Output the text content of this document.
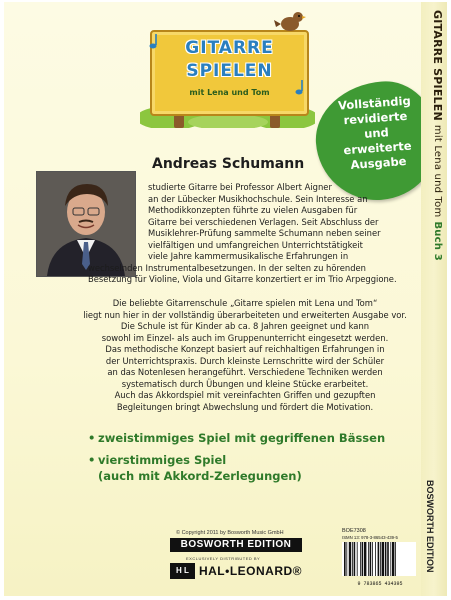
GITARRE
SPIELEN
mit Lena und Tom
Vollständig
revidierte
und
erweiterte
Ausgabe
Andreas Schumann

studierte Gitarre bei Professor Albert Aigner

an der Lübecker Musikhochschule. Sein Interesse an

Methodikkonzepten führte zu vielen Ausgaben für

Gitarre bei verschiedenen Verlagen. Seit Abschluss der

Musiklehrer-Prüfung sammelte Schumann neben seiner

vielfältigen und umfangreichen Unterrichtstätigkeit

viele Jahre kammermusikalische Erfahrungen in

wechselnden Instrumentalbesetzungen. In der selten zu hörenden

Besetzung für Violine, Viola und Gitarre konzertiert er im Trio Arpeggione.

Die beliebte Gitarrenschule „Gitarre spielen mit Lena und Tom“

liegt nun hier in der vollständig überarbeiteten und erweiterten Ausgabe vor.

Die Schule ist für Kinder ab ca. 8 Jahren geeignet und kann

sowohl im Einzel- als auch im Gruppenunterricht eingesetzt werden.

Das methodische Konzept basiert auf reichhaltigen Erfahrungen in

der Unterrichtspraxis. Durch kleinste Lernschritte wird der Schüler

an das Notenlesen herangeführt. Verschiedene Techniken werden

systematisch durch Übungen und kleine Stücke erarbeitet.

Auch das Akkordspiel mit vereinfachten Griffen und gezupften

Begleitungen bringt Abwechslung und fördert die Motivation.

• zweistimmiges Spiel mit gegriffenen Bässen
• vierstimmiges Spiel
(auch mit Akkord-Zerlegungen)
© Copyright 2011 by Bosworth Music GmbH
BOSWORTH EDITION
EXCLUSIVELY DISTRIBUTED BY
H L HAL•LEONARD®
BOE7308
ISMN 13: 978-3-86543-439-5
9 783865 434395
GITARRE SPIELEN mit Lena und Tom Buch 3
BOSWORTH EDITION
